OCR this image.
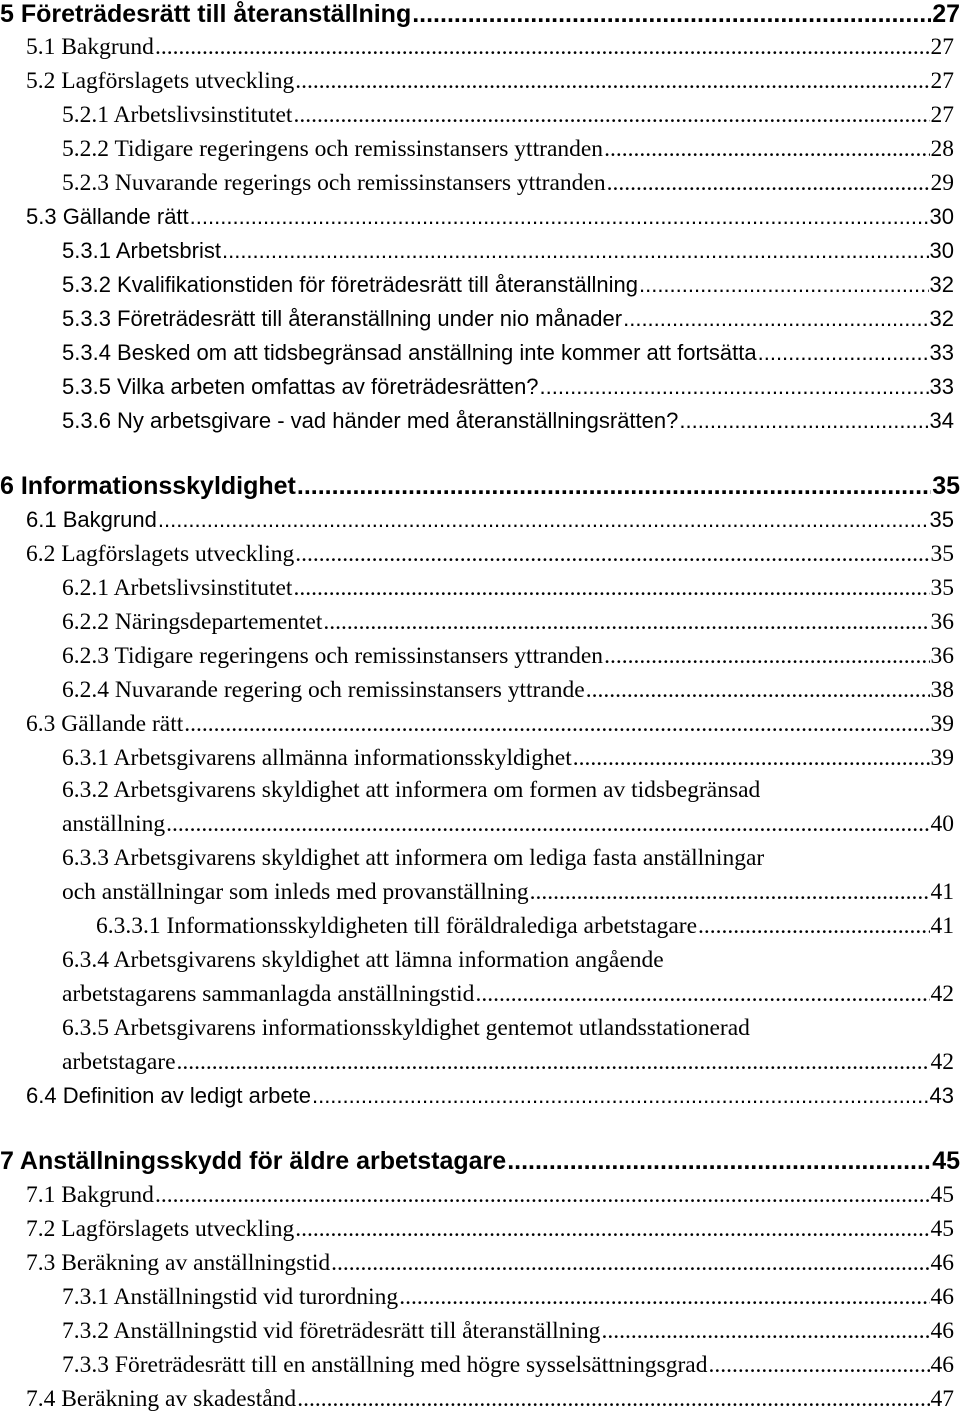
5 Företrädesrätt till återanställning .....	27
5.1 Bakgrund .....	27
5.2 Lagförslagets utveckling .....	27
5.2.1 Arbetslivsinstitutet .....	27
5.2.2 Tidigare regeringens och remissinstansers yttranden .....	28
5.2.3 Nuvarande regerings och remissinstansers yttranden .....	29
5.3 Gällande rätt .....	30
5.3.1 Arbetsbrist .....	30
5.3.2 Kvalifikationstiden för företrädesrätt till återanställning .....	32
5.3.3 Företrädesrätt till återanställning under nio månader .....	32
5.3.4 Besked om att tidsbegränsad anställning inte kommer att fortsätta .....	33
5.3.5 Vilka arbeten omfattas av företrädesrätten? .....	33
5.3.6 Ny arbetsgivare - vad händer med återanställningsrätten? .....	34
6 Informationsskyldighet .....	35
6.1 Bakgrund .....	35
6.2 Lagförslagets utveckling .....	35
6.2.1 Arbetslivsinstitutet .....	35
6.2.2 Näringsdepartementet .....	36
6.2.3 Tidigare regeringens och remissinstansers yttranden .....	36
6.2.4 Nuvarande regering och remissinstansers yttrande .....	38
6.3 Gällande rätt .....	39
6.3.1 Arbetsgivarens allmänna informationsskyldighet .....	39
6.3.2 Arbetsgivarens skyldighet att informera om formen av tidsbegränsad
anställning .....	40
6.3.3 Arbetsgivarens skyldighet att informera om lediga fasta anställningar
och anställningar som inleds med provanställning .....	41
6.3.3.1 Informationsskyldigheten till föräldralediga arbetstagare .....	41
6.3.4 Arbetsgivarens skyldighet att lämna information angående
arbetstagarens sammanlagda anställningstid .....	42
6.3.5 Arbetsgivarens informationsskyldighet gentemot utlandsstationerad
arbetstagare .....	42
6.4 Definition av ledigt arbete .....	43
7 Anställningsskydd för äldre arbetstagare .....	45
7.1 Bakgrund .....	45
7.2 Lagförslagets utveckling .....	45
7.3 Beräkning av anställningstid .....	46
7.3.1 Anställningstid vid turordning .....	46
7.3.2 Anställningstid vid företrädesrätt till återanställning .....	46
7.3.3 Företrädesrätt till en anställning med högre sysselsättningsgrad .....	46
7.4 Beräkning av skadestånd .....	47
